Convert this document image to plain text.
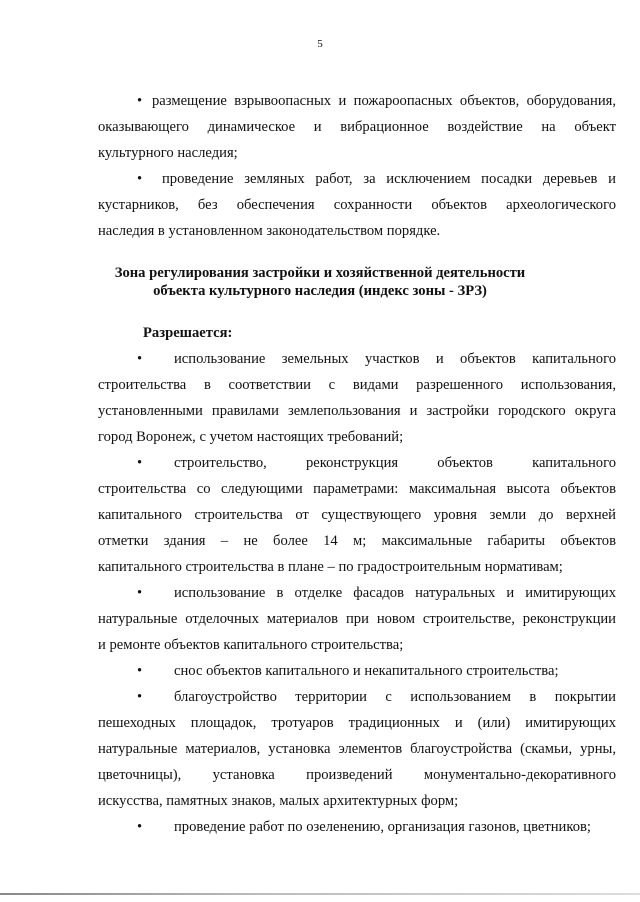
5
• размещение взрывоопасных и пожароопасных объектов, оборудования,
оказывающего динамическое и вибрационное воздействие на объект
культурного наследия;
• проведение земляных работ, за исключением посадки деревьев и
кустарников, без обеспечения сохранности объектов археологического
наследия в установленном законодательством порядке.
Зона регулирования застройки и хозяйственной деятельности
объекта культурного наследия (индекс зоны - ЗРЗ)
Разрешается:
• использование земельных участков и объектов капитального
строительства в соответствии с видами разрешенного использования,
установленными правилами землепользования и застройки городского округа
город Воронеж, с учетом настоящих требований;
• строительство, реконструкция объектов капитального
строительства со следующими параметрами: максимальная высота объектов
капитального строительства от существующего уровня земли до верхней
отметки здания – не более 14 м; максимальные габариты объектов
капитального строительства в плане – по градостроительным нормативам;
• использование в отделке фасадов натуральных и имитирующих
натуральные отделочных материалов при новом строительстве, реконструкции
и ремонте объектов капитального строительства;
• снос объектов капитального и некапитального строительства;
• благоустройство территории с использованием в покрытии
пешеходных площадок, тротуаров традиционных и (или) имитирующих
натуральные материалов, установка элементов благоустройства (скамьи, урны,
цветочницы), установка произведений монументально-декоративного
искусства, памятных знаков, малых архитектурных форм;
• проведение работ по озеленению, организация газонов, цветников;
